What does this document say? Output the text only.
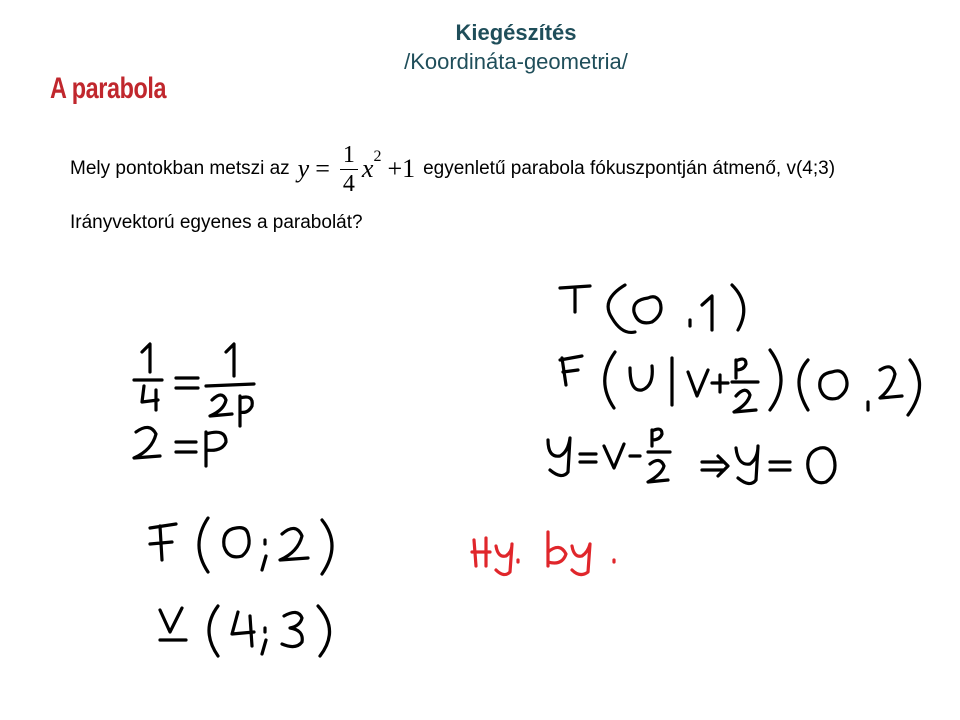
Kiegészítés
/Koordináta-geometria/
A parabola
Mely pontokban metszi az $y = \frac{1}{4} x^2 +1$ egyenletű parabola fókuszpontján átmenő, v(4;3)
Irányvektorú egyenes a parabolát?
